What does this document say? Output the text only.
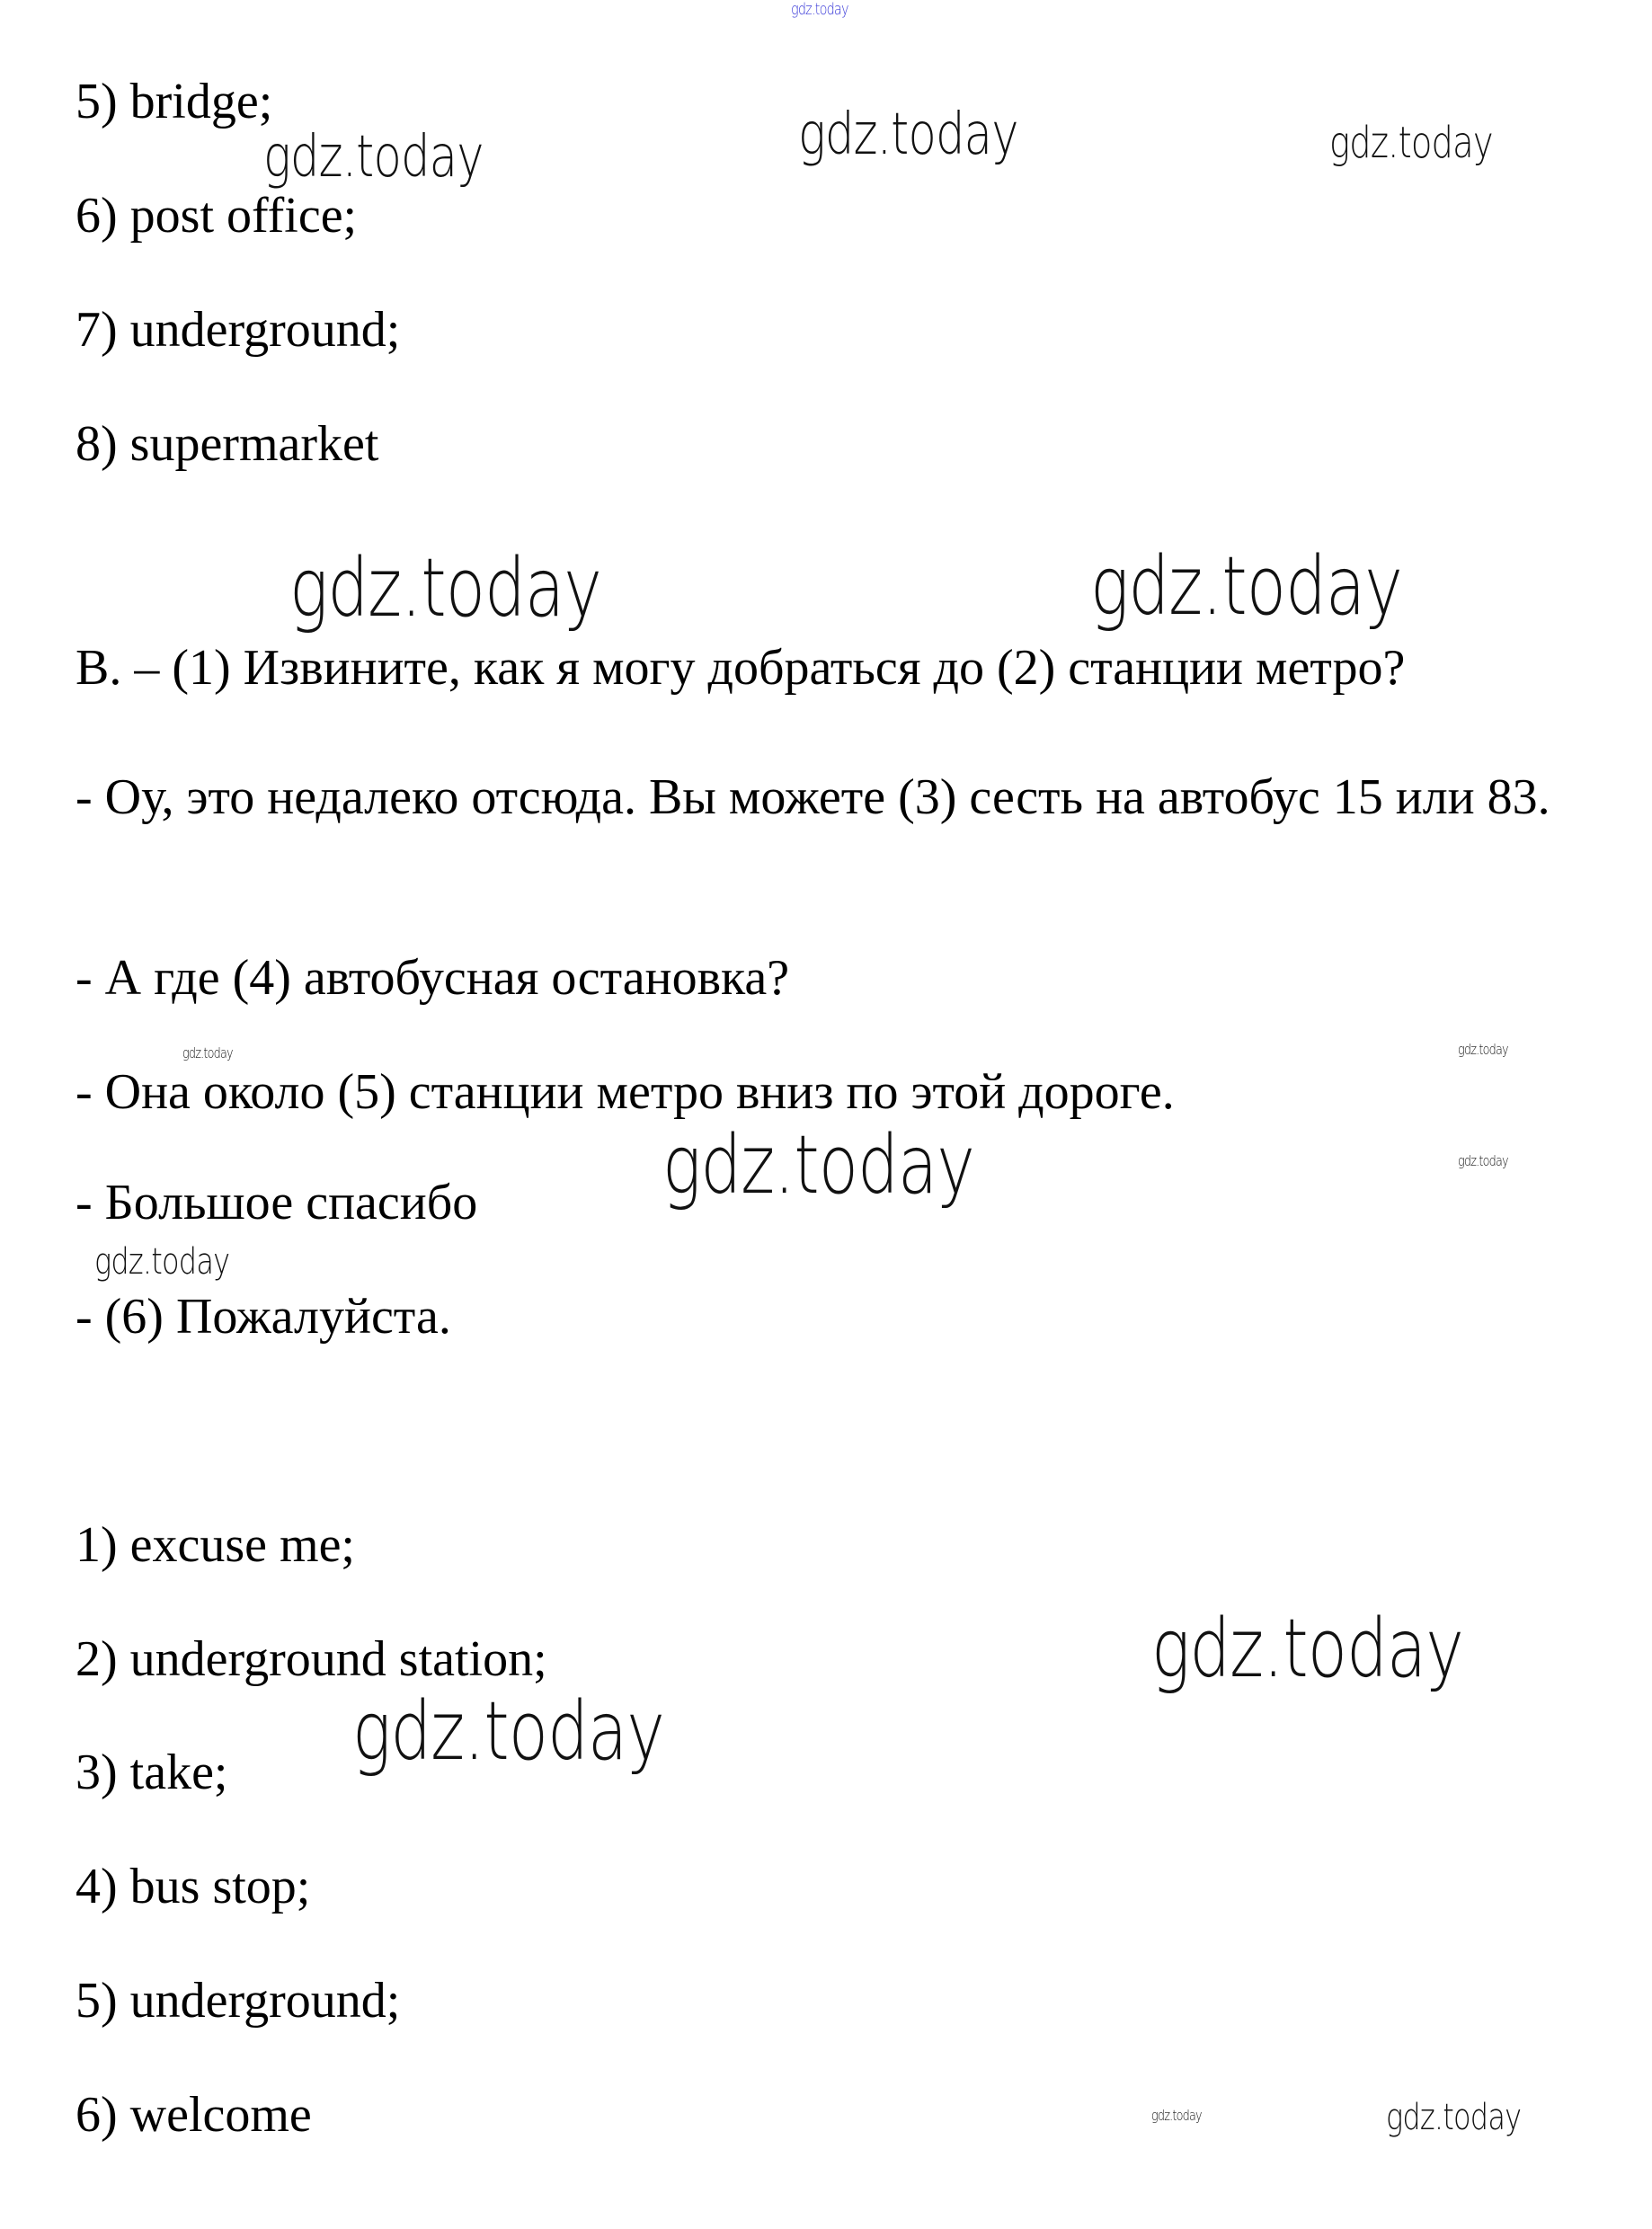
5) bridge;
6) post office;
7) underground;
8) supermarket
B. – (1) Извините, как я могу добраться до (2) станции метро?
- Оу, это недалеко отсюда. Вы можете (3) сесть на автобус 15 или 83.
- А где (4) автобусная остановка?
- Она около (5) станции метро вниз по этой дороге.
- Большое спасибо
- (6) Пожалуйста.
1) excuse me;
2) underground station;
3) take;
4) bus stop;
5) underground;
6) welcome
gdz.today
gdz.today	gdz.today	gdz.today
gdz.today	gdz.today
gdz.today	gdz.today
gdz.today	gdz.today
gdz.today
gdz.today
gdz.today
gdz.today	gdz.today
